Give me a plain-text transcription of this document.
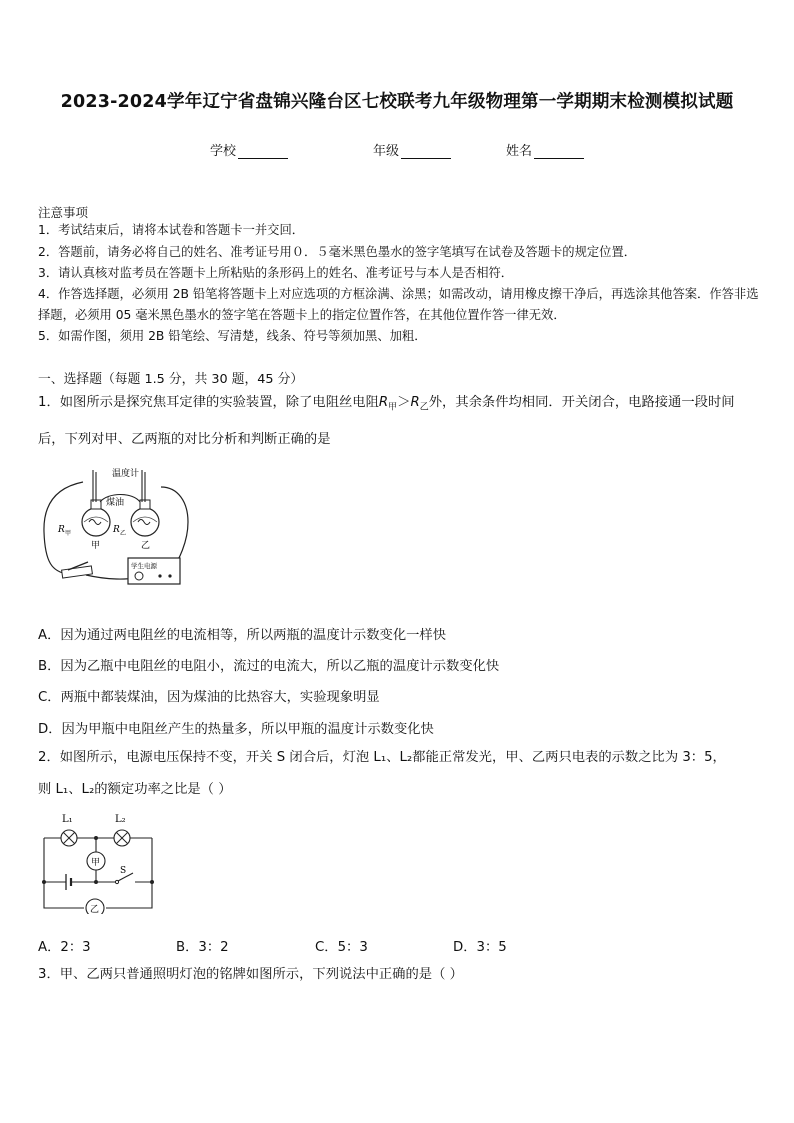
2023-2024学年辽宁省盘锦兴隆台区七校联考九年级物理第一学期期末检测模拟试题
学校	年级	姓名
注意事项
1．考试结束后，请将本试卷和答题卡一并交回．
2．答题前，请务必将自己的姓名、准考证号用０．５毫米黑色墨水的签字笔填写在试卷及答题卡的规定位置．
3．请认真核对监考员在答题卡上所粘贴的条形码上的姓名、准考证号与本人是否相符．
4．作答选择题，必须用 2B 铅笔将答题卡上对应选项的方框涂满、涂黑；如需改动，请用橡皮擦干净后，再选涂其他答案．作答非选择题，必须用 05 毫米黑色墨水的签字笔在答题卡上的指定位置作答，在其他位置作答一律无效．
5．如需作图，须用 2B 铅笔绘、写清楚，线条、符号等须加黑、加粗．
一、选择题（每题 1.5 分，共 30 题，45 分）
1．如图所示是探究焦耳定律的实验装置，除了电阻丝电阻$R_甲>R_乙$外，其余条件均相同．开关闭合，电路接通一段时间后，下列对甲、乙两瓶的对比分析和判断正确的是
温度计
煤油
R 甲	R 乙
甲	乙
学生电源
A．因为通过两电阻丝的电流相等，所以两瓶的温度计示数变化一样快
B．因为乙瓶中电阻丝的电阻小，流过的电流大，所以乙瓶的温度计示数变化快
C．两瓶中都装煤油，因为煤油的比热容大，实验现象明显
D．因为甲瓶中电阻丝产生的热量多，所以甲瓶的温度计示数变化快
2．如图所示，电源电压保持不变，开关 S 闭合后，灯泡 L₁、L₂都能正常发光，甲、乙两只电表的示数之比为 3：5，
则 L₁、L₂的额定功率之比是（ ）
L₁	L₂
甲
S
乙
A．2：3	B．3：2	C．5：3	D．3：5
3．甲、乙两只普通照明灯泡的铭牌如图所示，下列说法中正确的是（ ）
